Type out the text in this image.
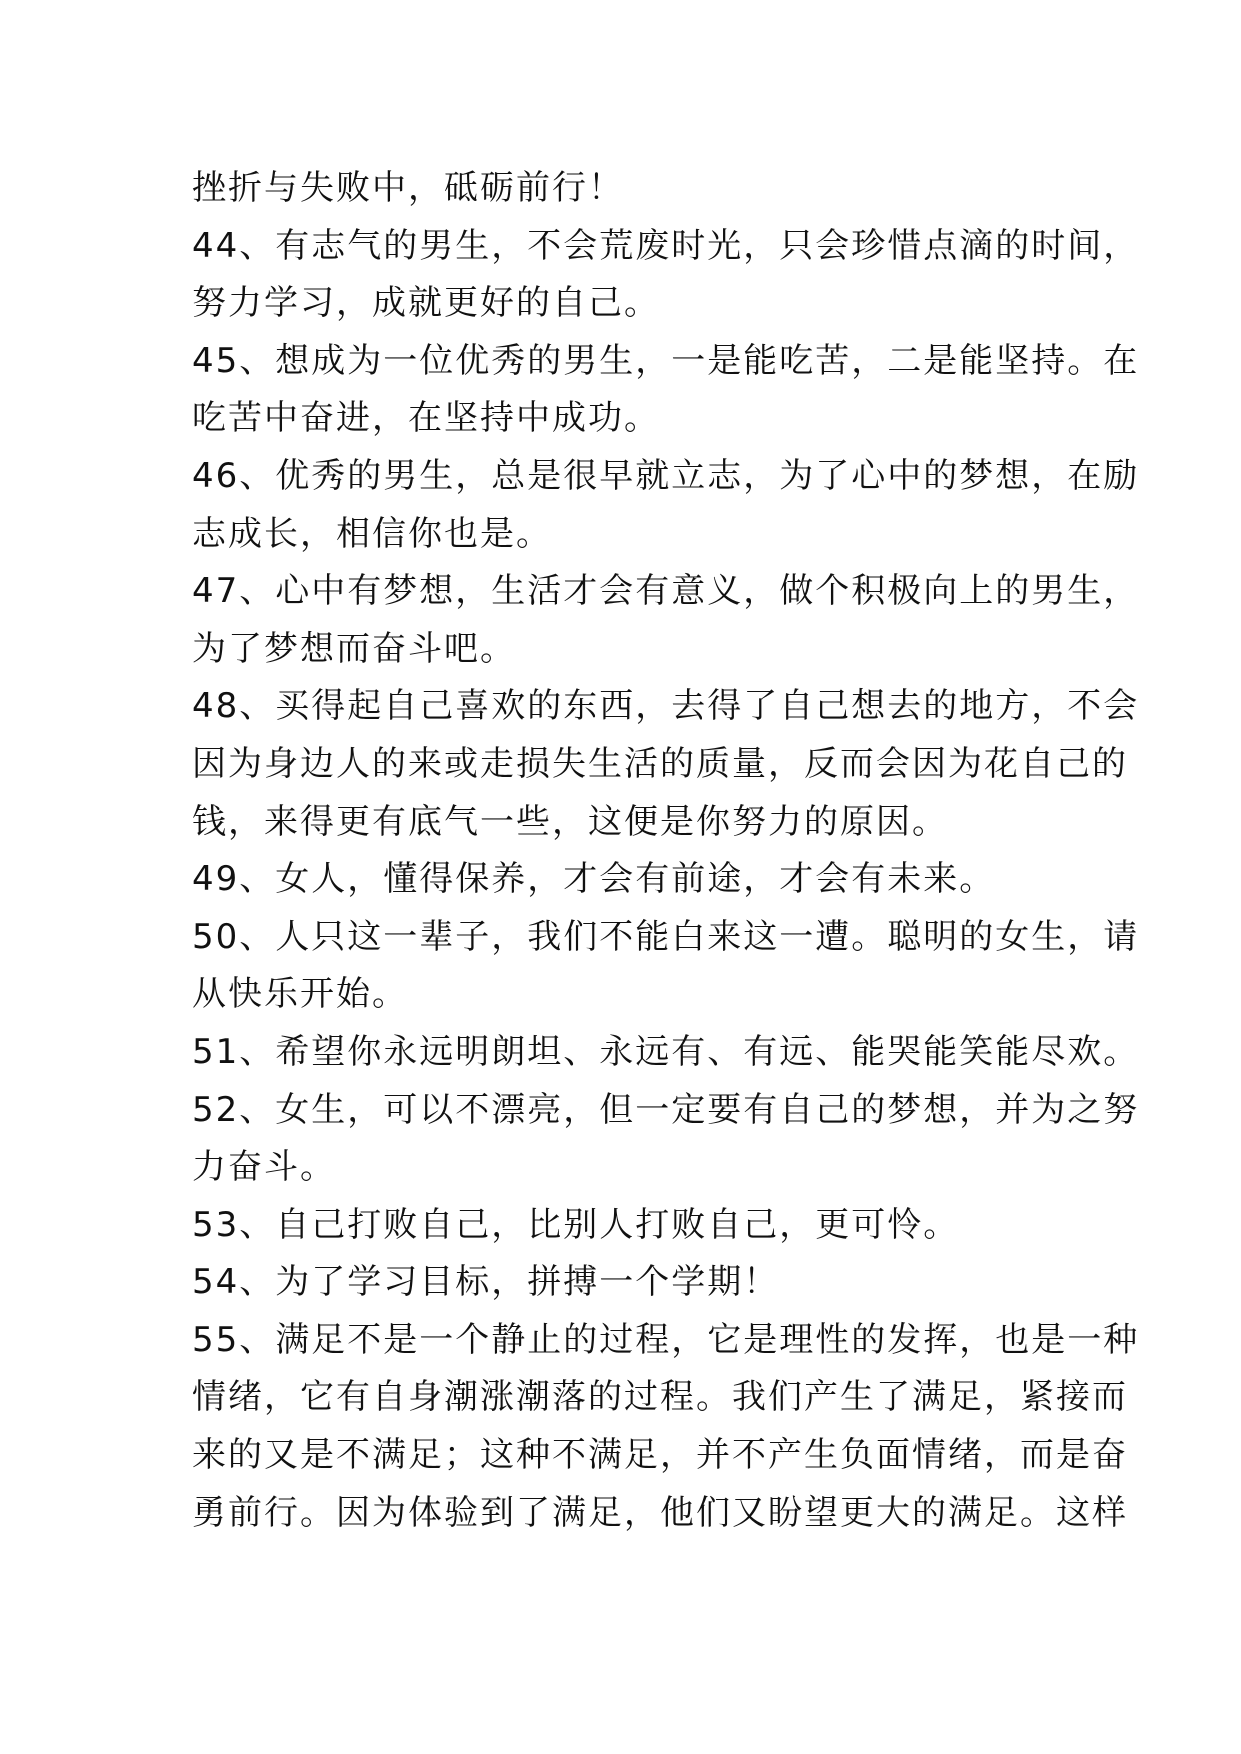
挫折与失败中，砥砺前行！
44、有志气的男生，不会荒废时光，只会珍惜点滴的时间，
努力学习，成就更好的自己。
45、想成为一位优秀的男生，一是能吃苦，二是能坚持。在
吃苦中奋进，在坚持中成功。
46、优秀的男生，总是很早就立志，为了心中的梦想，在励
志成长，相信你也是。
47、心中有梦想，生活才会有意义，做个积极向上的男生，
为了梦想而奋斗吧。
48、买得起自己喜欢的东西，去得了自己想去的地方，不会
因为身边人的来或走损失生活的质量，反而会因为花自己的
钱，来得更有底气一些，这便是你努力的原因。
49、女人，懂得保养，才会有前途，才会有未来。
50、人只这一辈子，我们不能白来这一遭。聪明的女生，请
从快乐开始。
51、希望你永远明朗坦、永远有、有远、能哭能笑能尽欢。
52、女生，可以不漂亮，但一定要有自己的梦想，并为之努
力奋斗。
53、自己打败自己，比别人打败自己，更可怜。
54、为了学习目标，拼搏一个学期！
55、满足不是一个静止的过程，它是理性的发挥，也是一种
情绪，它有自身潮涨潮落的过程。我们产生了满足，紧接而
来的又是不满足；这种不满足，并不产生负面情绪，而是奋
勇前行。因为体验到了满足，他们又盼望更大的满足。这样
